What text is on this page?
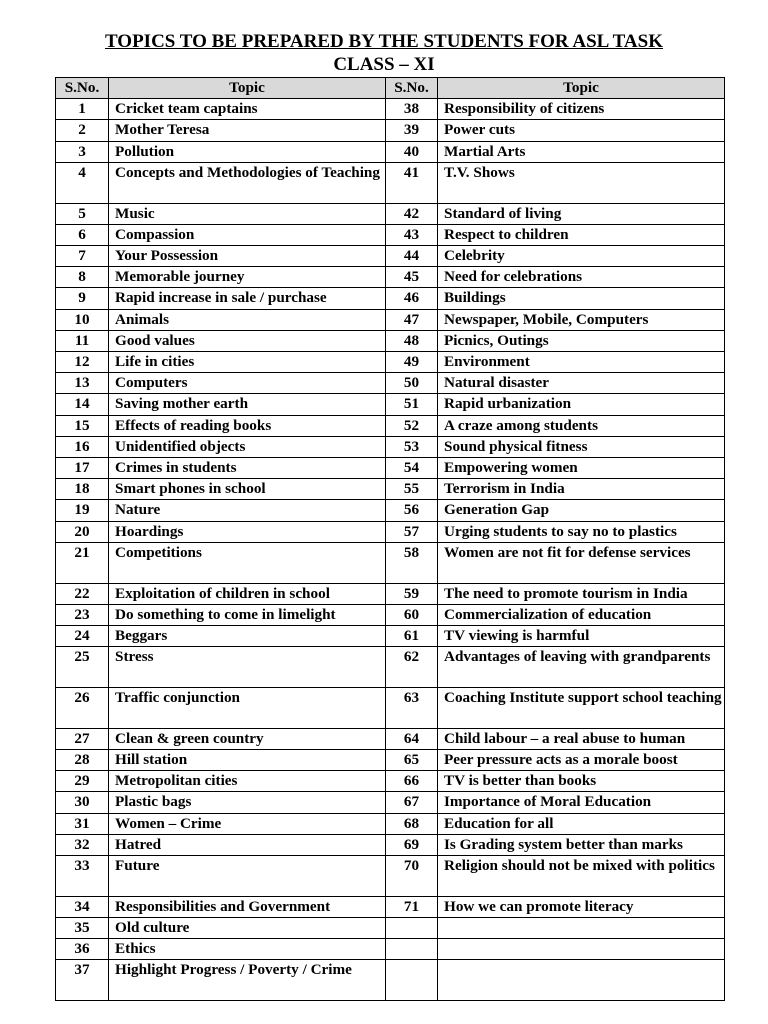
TOPICS TO BE PREPARED BY THE STUDENTS FOR ASL TASK
CLASS – XI
S.No.	Topic	S.No.	Topic
1	Cricket team captains	38	Responsibility of citizens
2	Mother Teresa	39	Power cuts
3	Pollution	40	Martial Arts
4	Concepts and Methodologies of Teaching	41	T.V. Shows
5	Music	42	Standard of living
6	Compassion	43	Respect to children
7	Your Possession	44	Celebrity
8	Memorable journey	45	Need for celebrations
9	Rapid increase in sale / purchase	46	Buildings
10	Animals	47	Newspaper, Mobile, Computers
11	Good values	48	Picnics, Outings
12	Life in cities	49	Environment
13	Computers	50	Natural disaster
14	Saving mother earth	51	Rapid urbanization
15	Effects of reading books	52	A craze among students
16	Unidentified objects	53	Sound physical fitness
17	Crimes in students	54	Empowering women
18	Smart phones in school	55	Terrorism in India
19	Nature	56	Generation Gap
20	Hoardings	57	Urging students to say no to plastics
21	Competitions	58	Women are not fit for defense services
22	Exploitation of children in school	59	The need to promote tourism in India
23	Do something to come in limelight	60	Commercialization of education
24	Beggars	61	TV viewing is harmful
25	Stress	62	Advantages of leaving with grandparents
26	Traffic conjunction	63	Coaching Institute support school teaching
27	Clean & green country	64	Child labour – a real abuse to human
28	Hill station	65	Peer pressure acts as a morale boost
29	Metropolitan cities	66	TV is better than books
30	Plastic bags	67	Importance of Moral Education
31	Women – Crime	68	Education for all
32	Hatred	69	Is Grading system better than marks
33	Future	70	Religion should not be mixed with politics
34	Responsibilities and Government	71	How we can promote literacy
35	Old culture		
36	Ethics		
37	Highlight Progress / Poverty / Crime		
